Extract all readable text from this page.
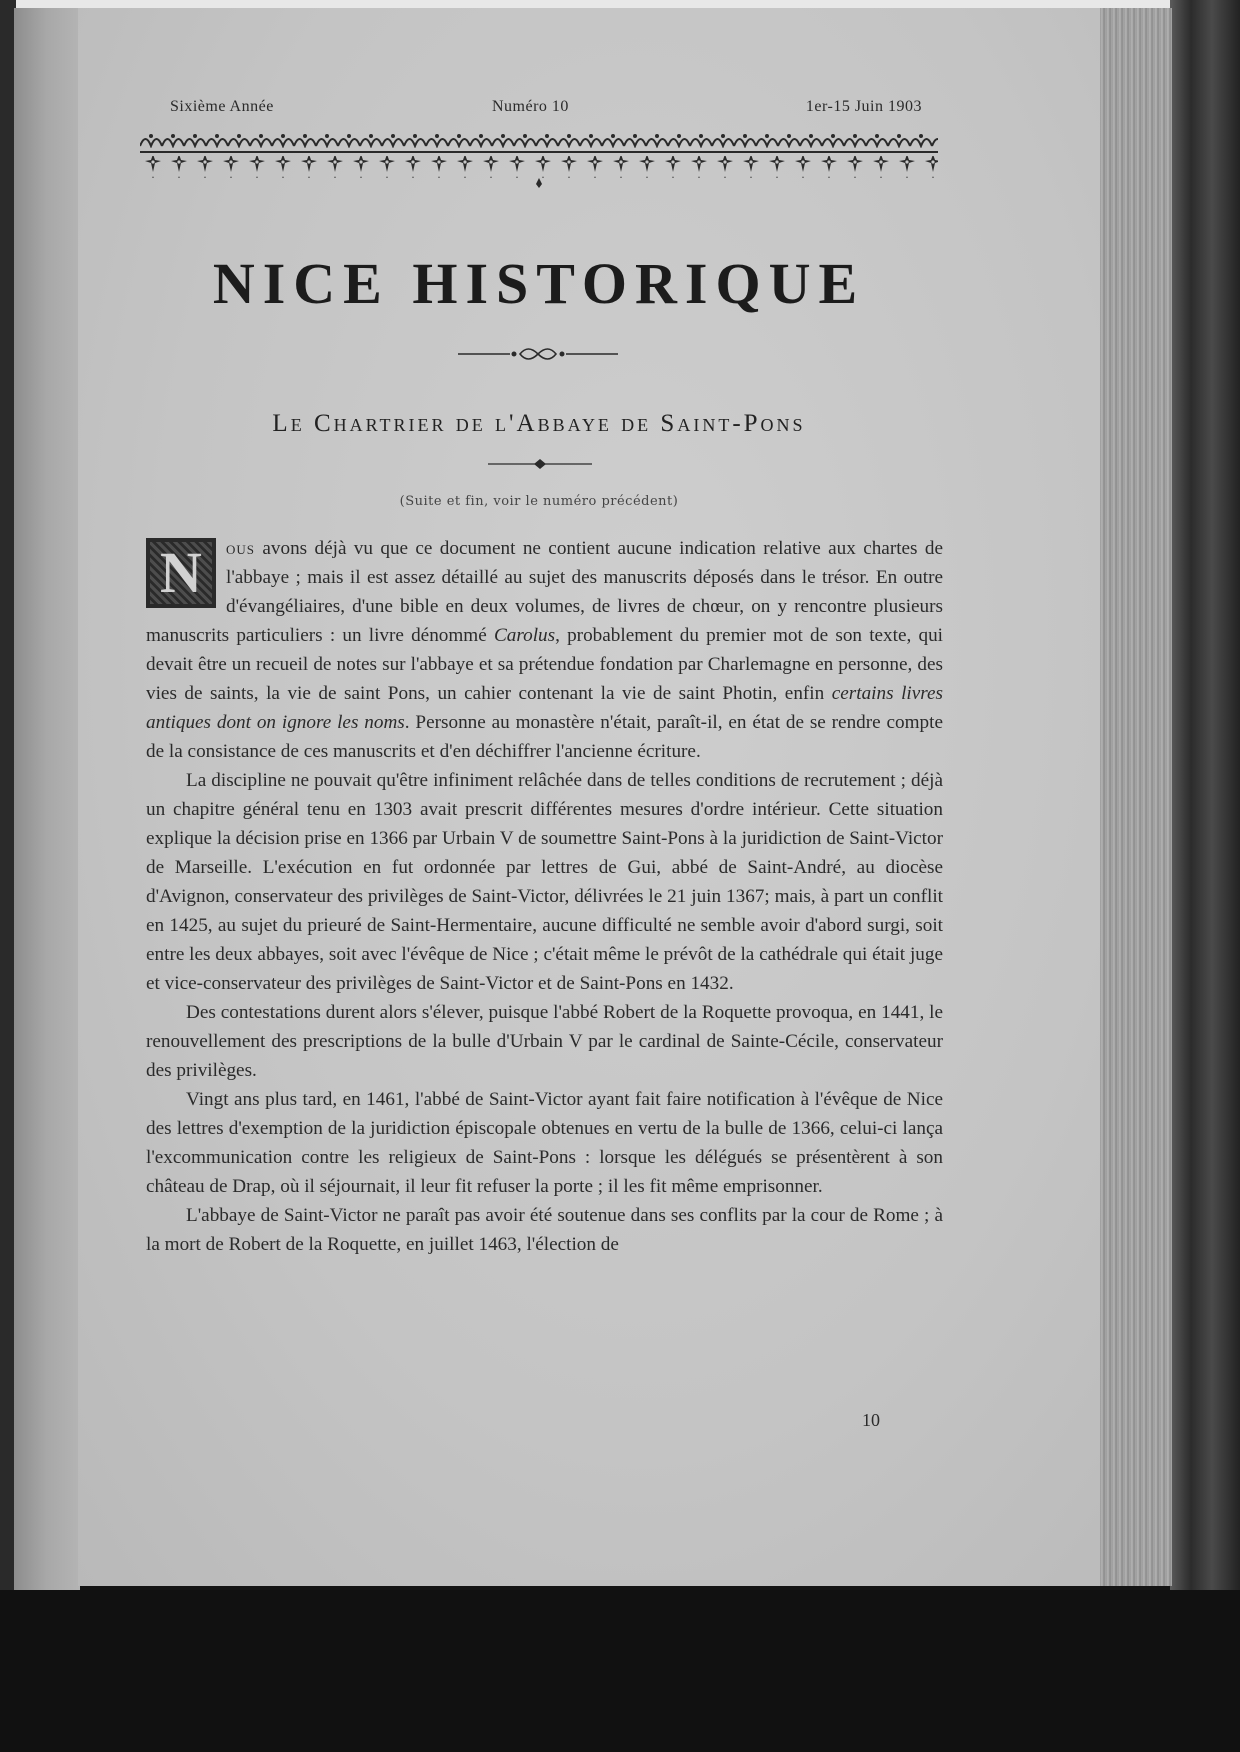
Sixième Année	Numéro 10	1er-15 Juin 1903
NICE HISTORIQUE
Le Chartrier de l'Abbaye de Saint-Pons
(Suite et fin, voir le numéro précédent)

N	ous avons déjà vu que ce document ne contient aucune indication relative aux chartes de l'abbaye ; mais il est assez détaillé au sujet des manuscrits déposés dans le trésor. En outre d'évangéliaires, d'une bible en deux volumes, de livres de chœur, on y rencontre plusieurs manuscrits particuliers : un livre dénommé Carolus, probablement du premier mot de son texte, qui devait être un recueil de notes sur l'abbaye et sa prétendue fondation par Charlemagne en personne, des vies de saints, la vie de saint Pons, un cahier contenant la vie de saint Photin, enfin certains livres antiques dont on ignore les noms. Personne au monastère n'était, paraît-il, en état de se rendre compte de la consistance de ces manuscrits et d'en déchiffrer l'ancienne écriture.

La discipline ne pouvait qu'être infiniment relâchée dans de telles conditions de recrutement ; déjà un chapitre général tenu en 1303 avait prescrit différentes mesures d'ordre intérieur. Cette situation explique la décision prise en 1366 par Urbain V de soumettre Saint-Pons à la juridiction de Saint-Victor de Marseille. L'exécution en fut ordonnée par lettres de Gui, abbé de Saint-André, au diocèse d'Avignon, conservateur des privilèges de Saint-Victor, délivrées le 21 juin 1367; mais, à part un conflit en 1425, au sujet du prieuré de Saint-Hermentaire, aucune difficulté ne semble avoir d'abord surgi, soit entre les deux abbayes, soit avec l'évêque de Nice ; c'était même le prévôt de la cathédrale qui était juge et vice-conservateur des privilèges de Saint-Victor et de Saint-Pons en 1432.

Des contestations durent alors s'élever, puisque l'abbé Robert de la Roquette provoqua, en 1441, le renouvellement des prescriptions de la bulle d'Urbain V par le cardinal de Sainte-Cécile, conservateur des privilèges.

Vingt ans plus tard, en 1461, l'abbé de Saint-Victor ayant fait faire notification à l'évêque de Nice des lettres d'exemption de la juridiction épiscopale obtenues en vertu de la bulle de 1366, celui-ci lança l'excommunication contre les religieux de Saint-Pons : lorsque les délégués se présentèrent à son château de Drap, où il séjournait, il leur fit refuser la porte ; il les fit même emprisonner.

L'abbaye de Saint-Victor ne paraît pas avoir été soutenue dans ses conflits par la cour de Rome ; à la mort de Robert de la Roquette, en juillet 1463, l'élection de

10
